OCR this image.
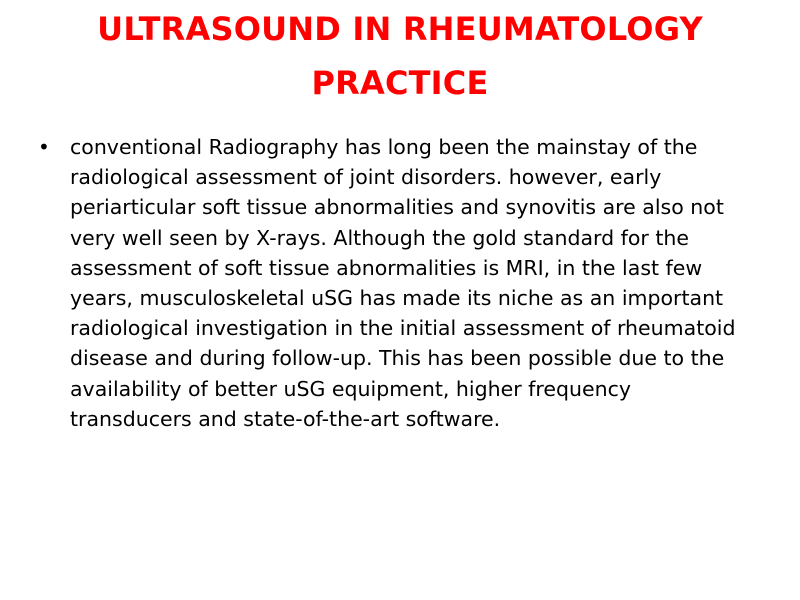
ULTRASOUND IN RHEUMATOLOGY PRACTICE
• conventional Radiography has long been the mainstay of the radiological assessment of joint disorders. however, early periarticular soft tissue abnormalities and synovitis are also not very well seen by X-rays. Although the gold standard for the assessment of soft tissue abnormalities is MRI, in the last few years, musculoskeletal uSG has made its niche as an important radiological investigation in the initial assessment of rheumatoid disease and during follow-up. This has been possible due to the availability of better uSG equipment, higher frequency transducers and state-of-the-art software.
